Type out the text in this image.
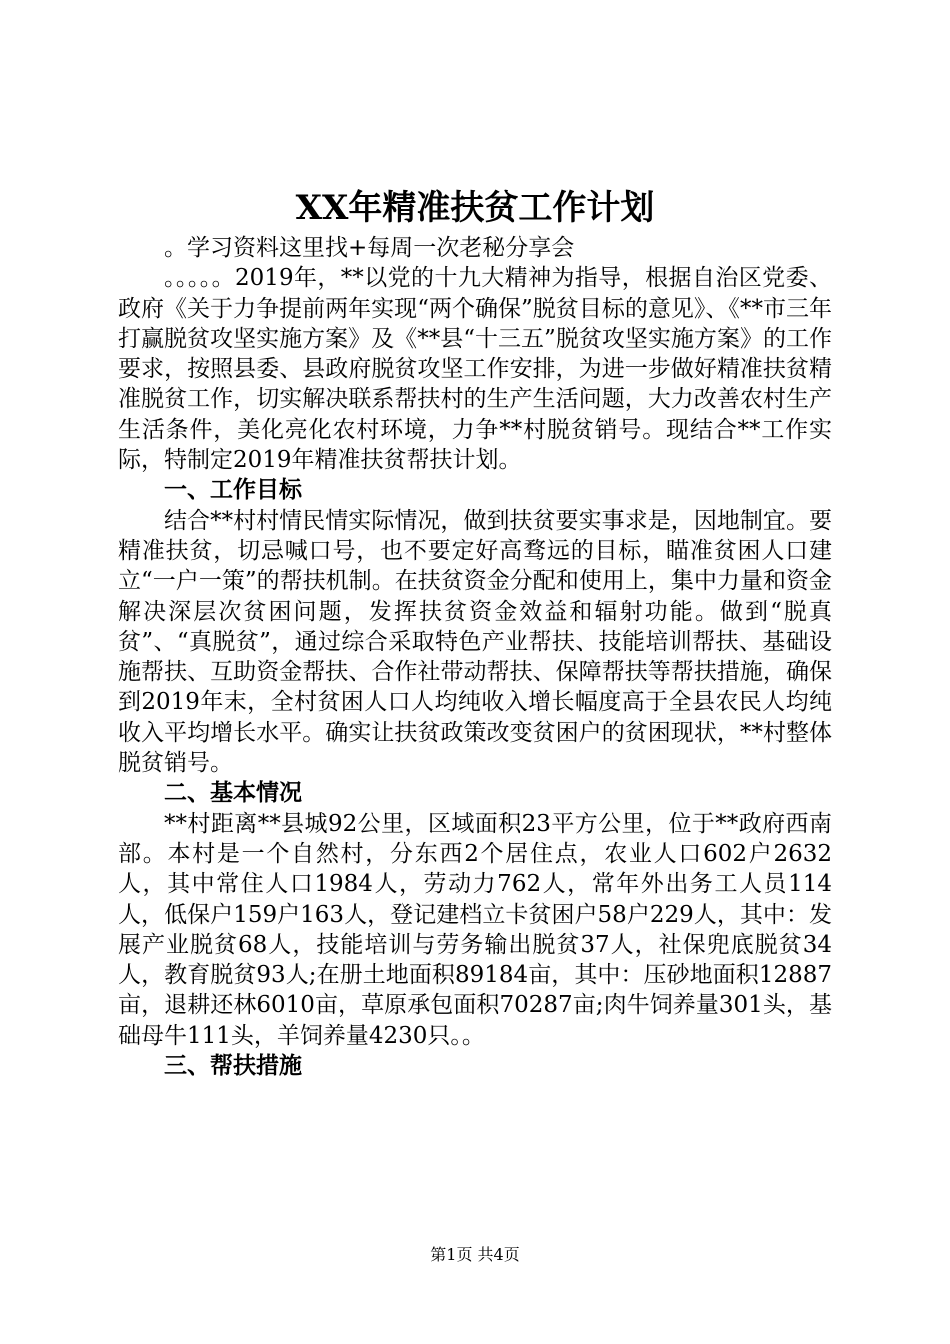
XX年精准扶贫工作计划

。学习资料这里找+每周一次老秘分享会

。。。。。2019年，**以党的十九大精神为指导，根据自治区党委、政府《关于力争提前两年实现“两个确保”脱贫目标的意见》、《**市三年打赢脱贫攻坚实施方案》及《**县“十三五”脱贫攻坚实施方案》的工作要求，按照县委、县政府脱贫攻坚工作安排，为进一步做好精准扶贫精准脱贫工作，切实解决联系帮扶村的生产生活问题，大力改善农村生产生活条件，美化亮化农村环境，力争**村脱贫销号。现结合**工作实际，特制定2019年精准扶贫帮扶计划。

一、工作目标

结合**村村情民情实际情况，做到扶贫要实事求是，因地制宜。要精准扶贫，切忌喊口号，也不要定好高骛远的目标，瞄准贫困人口建立“一户一策”的帮扶机制。在扶贫资金分配和使用上，集中力量和资金解决深层次贫困问题，发挥扶贫资金效益和辐射功能。做到“脱真贫”、“真脱贫”，通过综合采取特色产业帮扶、技能培训帮扶、基础设施帮扶、互助资金帮扶、合作社带动帮扶、保障帮扶等帮扶措施，确保到2019年末，全村贫困人口人均纯收入增长幅度高于全县农民人均纯收入平均增长水平。确实让扶贫政策改变贫困户的贫困现状，**村整体脱贫销号。

二、基本情况

**村距离**县城92公里，区域面积23平方公里，位于**政府西南部。本村是一个自然村，分东西2个居住点，农业人口602户2632人，其中常住人口1984人，劳动力762人，常年外出务工人员114人，低保户159户163人，登记建档立卡贫困户58户229人，其中：发展产业脱贫68人，技能培训与劳务输出脱贫37人，社保兜底脱贫34人，教育脱贫93人;在册土地面积89184亩，其中：压砂地面积12887亩，退耕还林6010亩，草原承包面积70287亩;肉牛饲养量301头，基础母牛111头，羊饲养量4230只。。

三、帮扶措施
第1页 共4页
